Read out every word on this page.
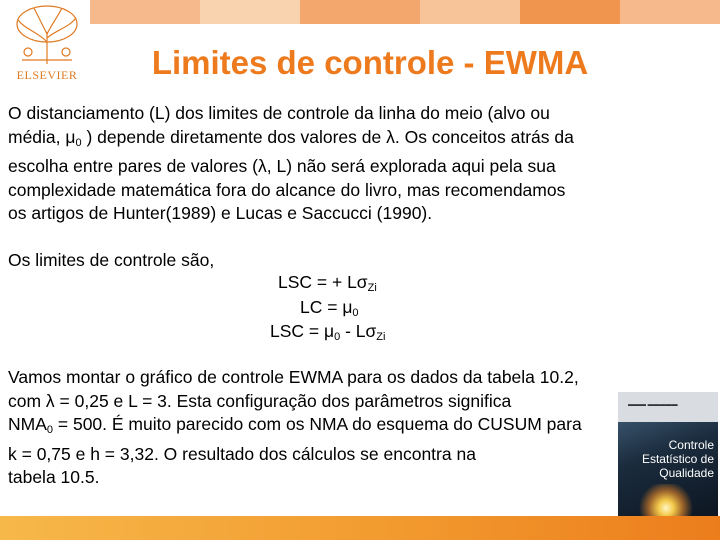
ELSEVIER	Limites de controle - EWMA
O distanciamento (L) dos limites de controle da linha do meio (alvo ou
média, $\mu_0$ ) depende diretamente dos valores de λ. Os conceitos atrás da
escolha entre pares de valores (λ, L) não será explorada aqui pela sua
complexidade matemática fora do alcance do livro, mas recomendamos
os artigos de Hunter(1989) e Lucas e Saccucci (1990).
Os limites de controle são,
LSC = + $L\sigma_{Zi}$
LC = $\mu_0$
LSC = $\mu_0 - L\sigma_{Zi}$
▬▬▬ ▬▬▬▬▬
Controle
Estatístico de
Qualidade
Vamos montar o gráfico de controle EWMA para os dados da tabela 10.2,
com λ = 0,25 e L = 3. Esta configuração dos parâmetros significa
$NMA_0 = 500$. É muito parecido com os NMA do esquema do CUSUM para
k = 0,75 e h = 3,32. O resultado dos cálculos se encontra na
tabela 10.5.
